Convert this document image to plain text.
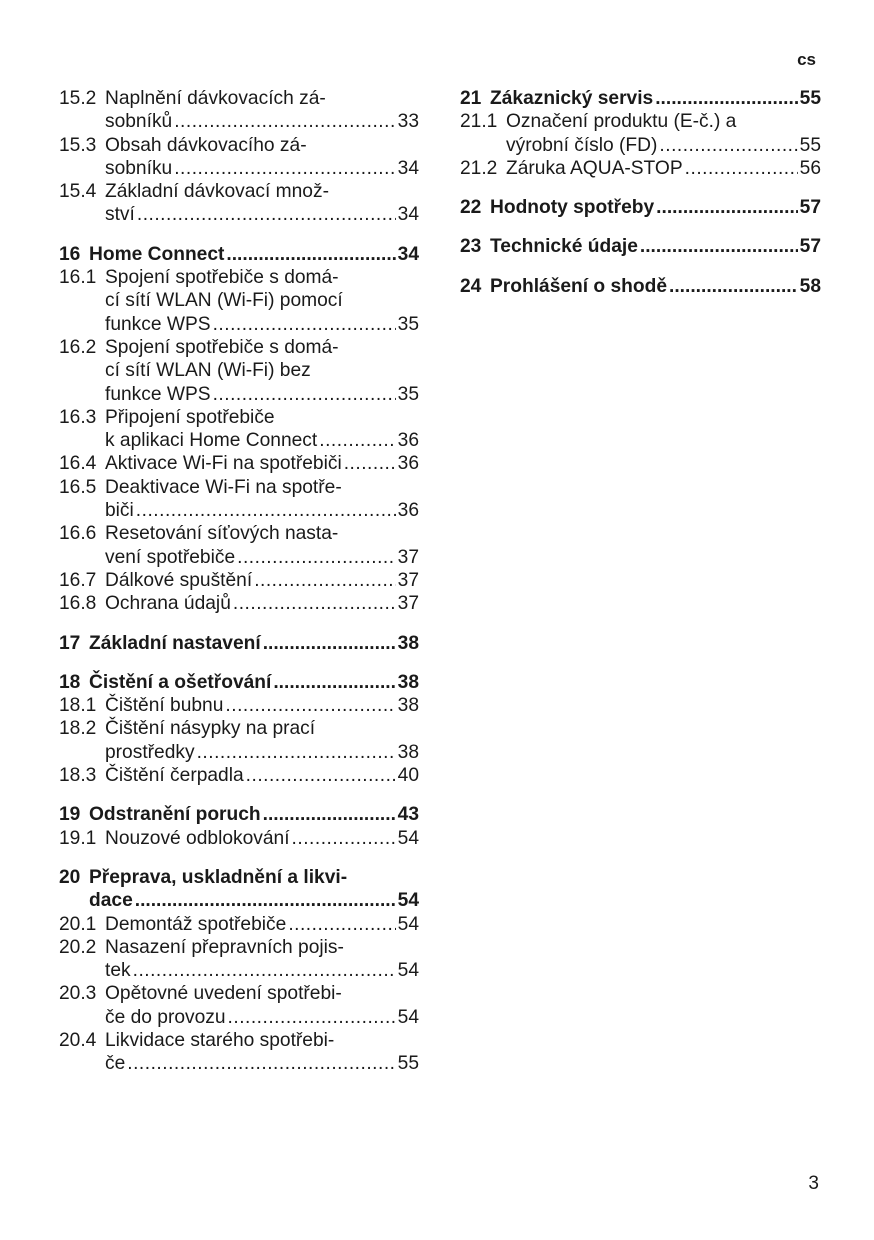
cs
15.2 Naplnění dávkovacích zá-
sobníků .....	33
15.3 Obsah dávkovacího zá-
sobníku .....	34
15.4 Základní dávkovací množ-
ství .....	34
16 Home Connect .....	34
16.1 Spojení spotřebiče s domá-
cí sítí WLAN (Wi-Fi) pomocí
funkce WPS .....	35
16.2 Spojení spotřebiče s domá-
cí sítí WLAN (Wi-Fi) bez
funkce WPS .....	35
16.3 Připojení spotřebiče
k aplikaci Home Connect .....	36
16.4 Aktivace Wi-Fi na spotřebiči .....	36
16.5 Deaktivace Wi-Fi na spotře-
biči .....	36
16.6 Resetování síťových nasta-
vení spotřebiče .....	37
16.7 Dálkové spuštění .....	37
16.8 Ochrana údajů .....	37
17 Základní nastavení .....	38
18 Čistění a ošetřování .....	38
18.1 Čištění bubnu .....	38
18.2 Čištění násypky na prací
prostředky .....	38
18.3 Čištění čerpadla .....	40
19 Odstranění poruch .....	43
19.1 Nouzové odblokování .....	54
20 Přeprava, uskladnění a likvi-
dace .....	54
20.1 Demontáž spotřebiče .....	54
20.2 Nasazení přepravních pojis-
tek .....	54
20.3 Opětovné uvedení spotřebi-
če do provozu .....	54
20.4 Likvidace starého spotřebi-
če .....	55
21 Zákaznický servis .....	55
21.1 Označení produktu (E-č.) a
výrobní číslo (FD) .....	55
21.2 Záruka AQUA-STOP .....	56
22 Hodnoty spotřeby .....	57
23 Technické údaje .....	57
24 Prohlášení o shodě .....	58
3
